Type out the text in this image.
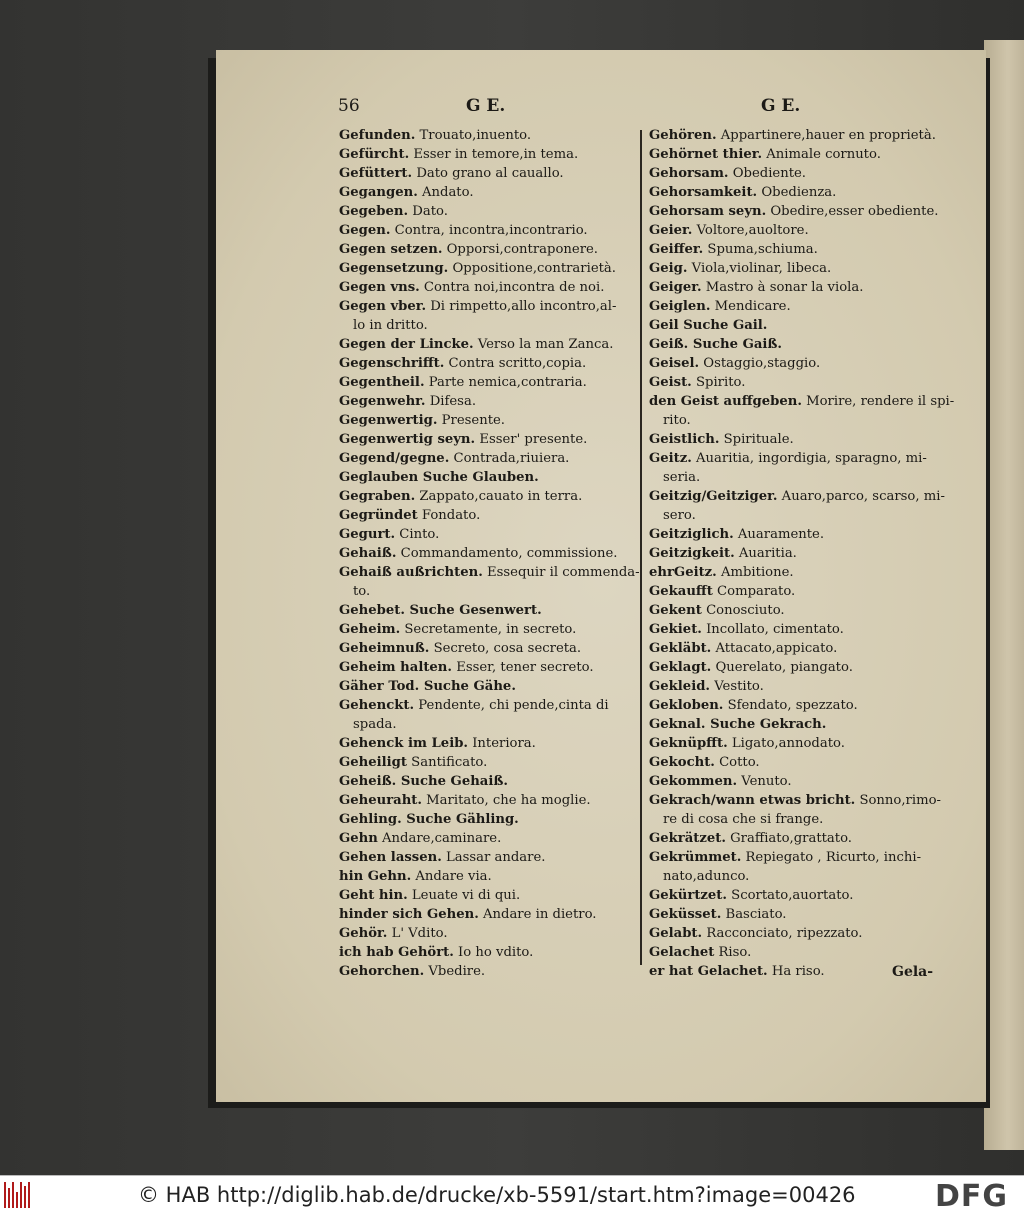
56	G E.	G E.
Gefunden. Trouato,inuento.
Gefürcht. Esser in temore,in tema.
Gefüttert. Dato grano al cauallo.
Gegangen. Andato.
Gegeben. Dato.
Gegen. Contra, incontra,incontrario.
Gegen setzen. Opporsi,contraponere.
Gegensetzung. Oppositione,contrarietà.
Gegen vns. Contra noi,incontra de noi.
Gegen vber. Di rimpetto,allo incontro,al-
lo in dritto.
Gegen der Lincke. Verso la man Zanca.
Gegenschrifft. Contra scritto,copia.
Gegentheil. Parte nemica,contraria.
Gegenwehr. Difesa.
Gegenwertig. Presente.
Gegenwertig seyn. Esser' presente.
Gegend/gegne. Contrada,riuiera.
Geglauben Suche Glauben.
Gegraben. Zappato,cauato in terra.
Gegründet Fondato.
Gegurt. Cinto.
Gehaiß. Commandamento, commissione.
Gehaiß außrichten. Essequir il commenda-
to.
Gehebet. Suche Gesenwert.
Geheim. Secretamente, in secreto.
Geheimnuß. Secreto, cosa secreta.
Geheim halten. Esser, tener secreto.
Gäher Tod. Suche Gähe.
Gehenckt. Pendente, chi pende,cinta di
spada.
Gehenck im Leib. Interiora.
Geheiligt Santificato.
Geheiß. Suche Gehaiß.
Geheuraht. Maritato, che ha moglie.
Gehling. Suche Gähling.
Gehn Andare,caminare.
Gehen lassen. Lassar andare.
hin Gehn. Andare via.
Geht hin. Leuate vi di qui.
hinder sich Gehen. Andare in dietro.
Gehör. L' Vdito.
ich hab Gehört. Io ho vdito.
Gehorchen. Vbedire.
Gehören. Appartinere,hauer en proprietà.
Gehörnet thier. Animale cornuto.
Gehorsam. Obediente.
Gehorsamkeit. Obedienza.
Gehorsam seyn. Obedire,esser obediente.
Geier. Voltore,auoltore.
Geiffer. Spuma,schiuma.
Geig. Viola,violinar, libeca.
Geiger. Mastro à sonar la viola.
Geiglen. Mendicare.
Geil Suche Gail.
Geiß. Suche Gaiß.
Geisel. Ostaggio,staggio.
Geist. Spirito.
den Geist auffgeben. Morire, rendere il spi-
rito.
Geistlich. Spirituale.
Geitz. Auaritia, ingordigia, sparagno, mi-
seria.
Geitzig/Geitziger. Auaro,parco, scarso, mi-
sero.
Geitziglich. Auaramente.
Geitzigkeit. Auaritia.
ehrGeitz. Ambitione.
Gekaufft Comparato.
Gekent Conosciuto.
Gekiet. Incollato, cimentato.
Gekläbt. Attacato,appicato.
Geklagt. Querelato, piangato.
Gekleid. Vestito.
Gekloben. Sfendato, spezzato.
Geknal. Suche Gekrach.
Geknüpfft. Ligato,annodato.
Gekocht. Cotto.
Gekommen. Venuto.
Gekrach/wann etwas bricht. Sonno,rimo-
re di cosa che si frange.
Gekrätzet. Graffiato,grattato.
Gekrümmet. Repiegato , Ricurto, inchi-
nato,adunco.
Gekürtzet. Scortato,auortato.
Geküsset. Basciato.
Gelabt. Racconciato, ripezzato.
Gelachet Riso.
er hat Gelachet. Ha riso.	Gela-
© HAB http://diglib.hab.de/drucke/xb-5591/start.htm?image=00426	DFG
